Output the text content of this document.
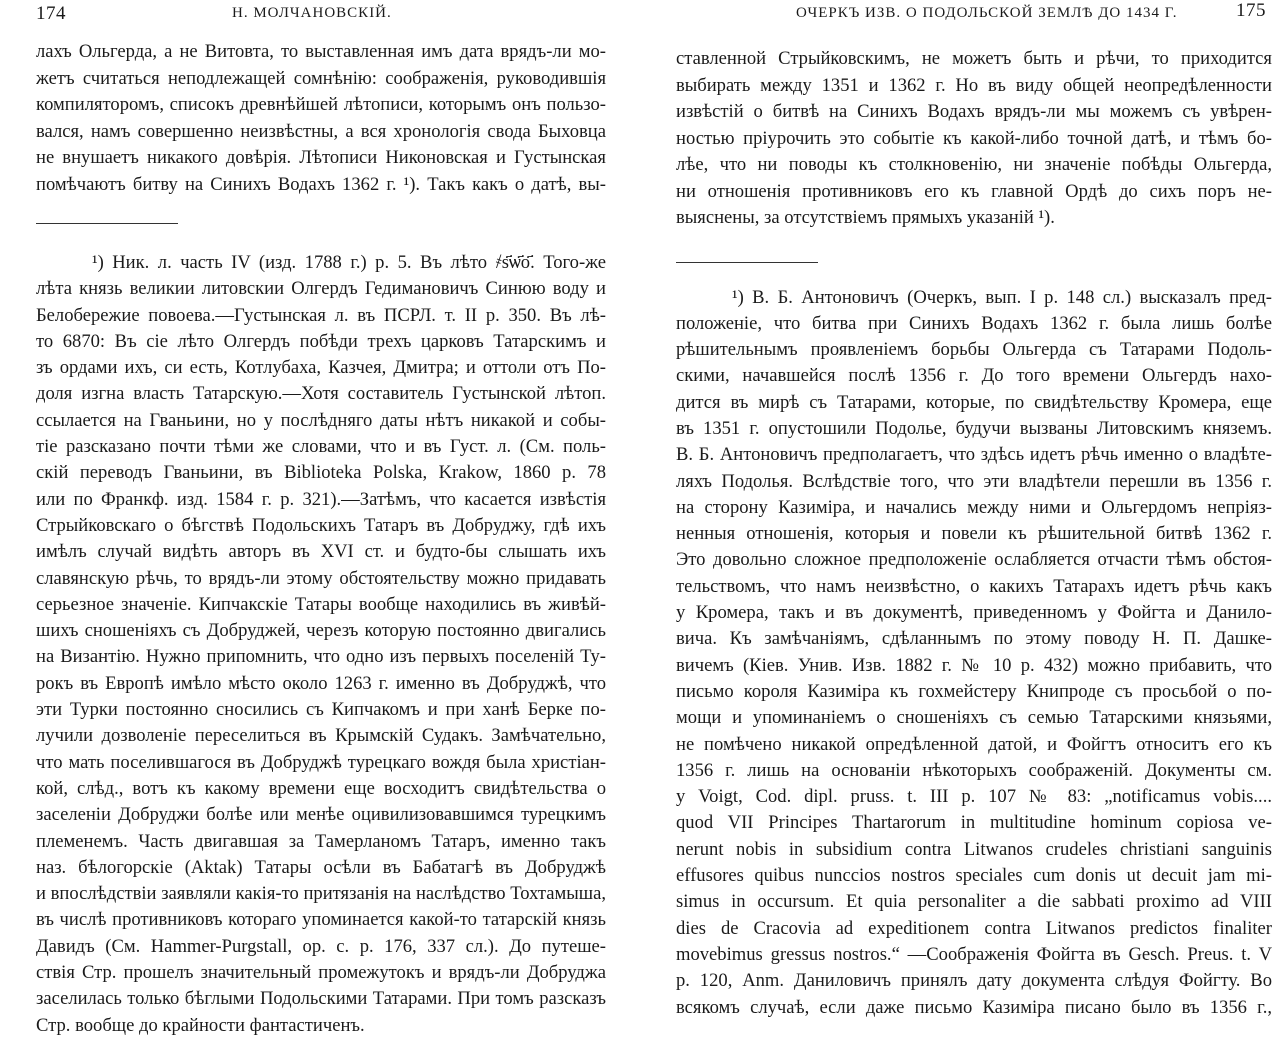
174	Н. МОЛЧАНОВСКІЙ.
лахъ Ольгерда, а не Витовта, то выставленная имъ дата врядъ-ли мо-
жетъ считаться неподлежащей сомнѣнію: соображенія, руководившія
компиляторомъ, списокъ древнѣйшей лѣтописи, которымъ онъ пользо-
вался, намъ совершенно неизвѣстны, а вся хронологія свода Быховца
не внушаетъ никакого довѣрія. Лѣтописи Никоновская и Густынская
помѣчаютъ битву на Синихъ Водахъ 1362 г. ¹). Такъ какъ о датѣ, вы-
¹) Ник. л. часть IV (изд. 1788 г.) р. 5. Въ лѣто ҂s҃ѡ҃о҃. Того-же
лѣта князь великии литовскии Олгердъ Гедимановичъ Синюю воду и
Белобережие повоева.—Густынская л. въ ПСРЛ. т. II р. 350. Въ лѣ-
то 6870: Въ сіе лѣто Олгердъ побѣди трехъ царковъ Татарскимъ и
зъ ордами ихъ, си есть, Котлубаха, Казчея, Дмитра; и оттоли отъ По-
доля изгна власть Татарскую.—Хотя составитель Густынской лѣтоп.
ссылается на Гваньини, но у послѣдняго даты нѣтъ никакой и собы-
тіе разсказано почти тѣми же словами, что и въ Густ. л. (См. поль-
скій переводъ Гваньини, въ Biblioteka Polska, Krakow, 1860 р. 78
или по Франкф. изд. 1584 г. р. 321).—Затѣмъ, что касается извѣстія
Стрыйковскаго о бѣгствѣ Подольскихъ Татаръ въ Добруджу, гдѣ ихъ
имѣлъ случай видѣть авторъ въ XVI ст. и будто-бы слышать ихъ
славянскую рѣчь, то врядъ-ли этому обстоятельству можно придавать
серьезное значеніе. Кипчакскіе Татары вообще находились въ живѣй-
шихъ сношеніяхъ съ Добруджей, черезъ которую постоянно двигались
на Византію. Нужно припомнить, что одно изъ первыхъ поселеній Ту-
рокъ въ Европѣ имѣло мѣсто около 1263 г. именно въ Добруджѣ, что
эти Турки постоянно сносились съ Кипчакомъ и при ханѣ Берке по-
лучили дозволеніе переселиться въ Крымскій Судакъ. Замѣчательно,
что мать поселившагося въ Добруджѣ турецкаго вождя была христіан-
кой, слѣд., вотъ къ какому времени еще восходитъ свидѣтельства о
заселеніи Добруджи болѣе или менѣе оцивилизовавшимся турецкимъ
племенемъ. Часть двигавшая за Тамерланомъ Татаръ, именно такъ
наз. бѣлогорскіе (Aktak) Татары осѣли въ Бабатагѣ въ Добруджѣ
и впослѣдствіи заявляли какія-то притязанія на наслѣдство Тохтамыша,
въ числѣ противниковъ котораго упоминается какой-то татарскій князь
Давидъ (См. Hammer-Purgstall, op. c. р. 176, 337 сл.). До путеше-
ствія Стр. прошелъ значительный промежутокъ и врядъ-ли Добруджа
заселилась только бѣглыми Подольскими Татарами. При томъ разсказъ
Стр. вообще до крайности фантастиченъ.
ОЧЕРКЪ ИЗВ. О ПОДОЛЬСКОЙ ЗЕМЛѢ ДО 1434 Г.	175
ставленной Стрыйковскимъ, не можетъ быть и рѣчи, то приходится
выбирать между 1351 и 1362 г. Но въ виду общей неопредѣленности
извѣстій о битвѣ на Синихъ Водахъ врядъ-ли мы можемъ съ увѣрен-
ностью пріурочить это событіе къ какой-либо точной датѣ, и тѣмъ бо-
лѣе, что ни поводы къ столкновенію, ни значеніе побѣды Ольгерда,
ни отношенія противниковъ его къ главной Ордѣ до сихъ поръ не-
выяснены, за отсутствіемъ прямыхъ указаній ¹).
¹) В. Б. Антоновичъ (Очеркъ, вып. I р. 148 сл.) высказалъ пред-
положеніе, что битва при Синихъ Водахъ 1362 г. была лишь болѣе
рѣшительнымъ проявленіемъ борьбы Ольгерда съ Татарами Подоль-
скими, начавшейся послѣ 1356 г. До того времени Ольгердъ нахо-
дится въ мирѣ съ Татарами, которые, по свидѣтельству Кромера, еще
въ 1351 г. опустошили Подолье, будучи вызваны Литовскимъ княземъ.
В. Б. Антоновичъ предполагаетъ, что здѣсь идетъ рѣчь именно о владѣте-
ляхъ Подолья. Вслѣдствіе того, что эти владѣтели перешли въ 1356 г.
на сторону Казиміра, и начались между ними и Ольгердомъ непріяз-
ненныя отношенія, которыя и повели къ рѣшительной битвѣ 1362 г.
Это довольно сложное предположеніе ослабляется отчасти тѣмъ обстоя-
тельствомъ, что намъ неизвѣстно, о какихъ Татарахъ идетъ рѣчь какъ
у Кромера, такъ и въ документѣ, приведенномъ у Фойгта и Данило-
вича. Къ замѣчаніямъ, сдѣланнымъ по этому поводу Н. П. Дашке-
вичемъ (Кіев. Унив. Изв. 1882 г. № 10 р. 432) можно прибавить, что
письмо короля Казиміра къ гохмейстеру Книпроде съ просьбой о по-
мощи и упоминаніемъ о сношеніяхъ съ семью Татарскими князьями,
не помѣчено никакой опредѣленной датой, и Фойгтъ относитъ его къ
1356 г. лишь на основаніи нѣкоторыхъ соображеній. Документы см.
у Voigt, Cod. dipl. pruss. t. III р. 107 № 83: „notificamus vobis....
quod VII Principes Thartarorum in multitudine hominum copiosa ve-
nerunt nobis in subsidium contra Litwanos crudeles christiani sanguinis
effusores quibus nunccios nostros speciales cum donis ut decuit jam mi-
simus in occursum. Et quia personaliter a die sabbati proximo ad VIII
dies de Cracovia ad expeditionem contra Litwanos predictos finaliter
movebimus gressus nostros.“ —Соображенія Фойгта въ Gesch. Preus. t. V
р. 120, Anm. Даниловичъ принялъ дату документа слѣдуя Фойгту. Во
всякомъ случаѣ, если даже письмо Казиміра писано было въ 1356 г.,
